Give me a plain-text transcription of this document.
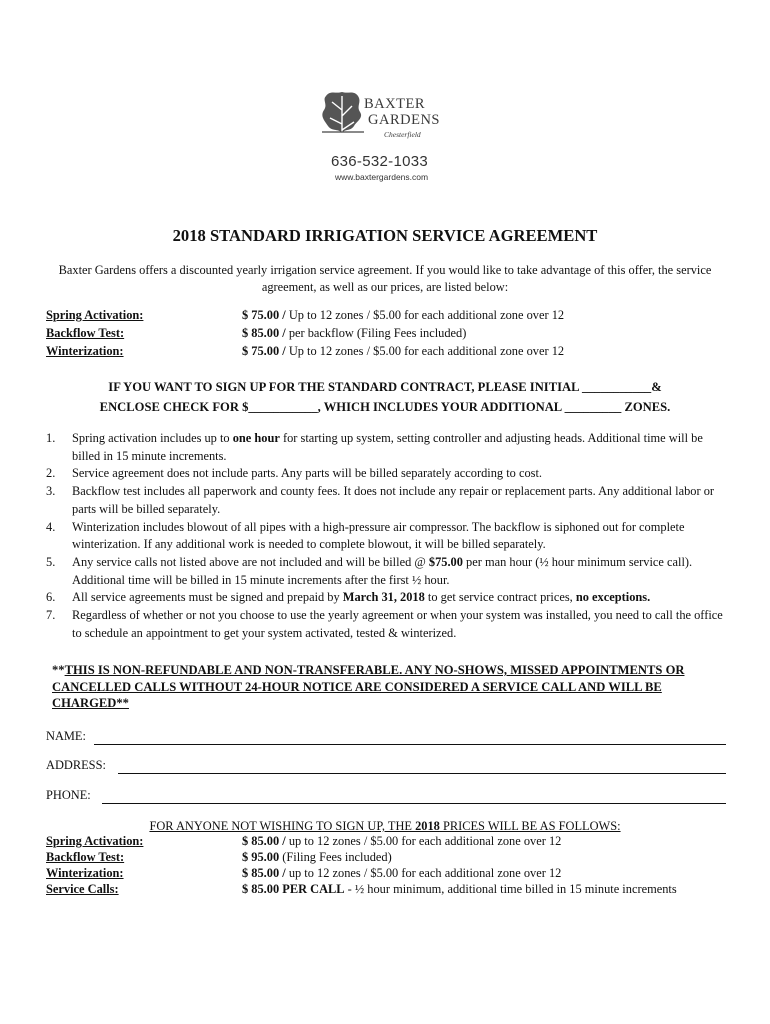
BAXTER
GARDENS
Chesterfield
636-532-1033
www.baxtergardens.com
2018 STANDARD IRRIGATION SERVICE AGREEMENT
Baxter Gardens offers a discounted yearly irrigation service agreement. If you would like to take advantage of this offer, the service agreement, as well as our prices, are listed below:
Spring Activation:	$ 75.00 / Up to 12 zones / $5.00 for each additional zone over 12
Backflow Test:	$ 85.00 / per backflow (Filing Fees included)
Winterization:	$ 75.00 / Up to 12 zones / $5.00 for each additional zone over 12
IF YOU WANT TO SIGN UP FOR THE STANDARD CONTRACT, PLEASE INITIAL ___________&
ENCLOSE CHECK FOR $___________, WHICH INCLUDES YOUR ADDITIONAL _________ ZONES.
1. Spring activation includes up to one hour for starting up system, setting controller and adjusting heads. Additional time will be billed in 15 minute increments.
2. Service agreement does not include parts. Any parts will be billed separately according to cost.
3. Backflow test includes all paperwork and county fees. It does not include any repair or replacement parts. Any additional labor or parts will be billed separately.
4. Winterization includes blowout of all pipes with a high-pressure air compressor. The backflow is siphoned out for complete winterization. If any additional work is needed to complete blowout, it will be billed separately.
5. Any service calls not listed above are not included and will be billed @ $75.00 per man hour (½ hour minimum service call). Additional time will be billed in 15 minute increments after the first ½ hour.
6. All service agreements must be signed and prepaid by March 31, 2018 to get service contract prices, no exceptions.
7. Regardless of whether or not you choose to use the yearly agreement or when your system was installed, you need to call the office to schedule an appointment to get your system activated, tested & winterized.
**THIS IS NON-REFUNDABLE AND NON-TRANSFERABLE. ANY NO-SHOWS, MISSED APPOINTMENTS OR CANCELLED CALLS WITHOUT 24-HOUR NOTICE ARE CONSIDERED A SERVICE CALL AND WILL BE CHARGED**
NAME:
ADDRESS:
PHONE:
FOR ANYONE NOT WISHING TO SIGN UP, THE 2018 PRICES WILL BE AS FOLLOWS:
Spring Activation:	$ 85.00 / up to 12 zones / $5.00 for each additional zone over 12
Backflow Test:	$ 95.00 (Filing Fees included)
Winterization:	$ 85.00 / up to 12 zones / $5.00 for each additional zone over 12
Service Calls:	$ 85.00 PER CALL - ½ hour minimum, additional time billed in 15 minute increments
